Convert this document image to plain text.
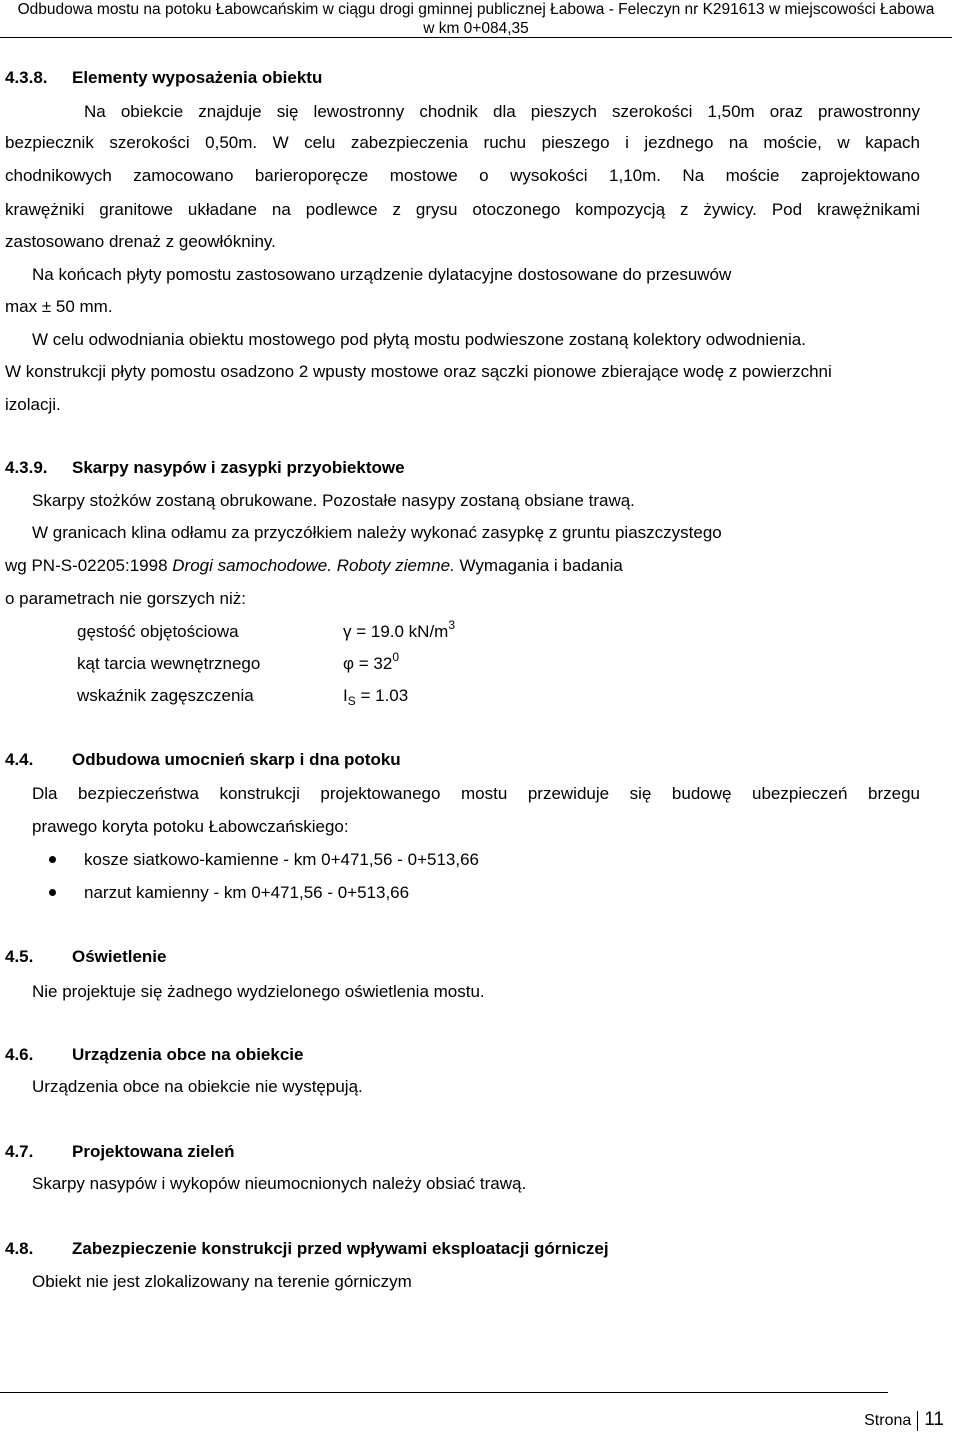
Odbudowa mostu na potoku Łabowcańskim w ciągu drogi gminnej publicznej Łabowa - Feleczyn nr K291613 w miejscowości Łabowa
w km 0+084,35
4.3.8. Elementy wyposażenia obiektu
Na obiekcie znajduje się lewostronny chodnik dla pieszych szerokości 1,50m oraz prawostronny
bezpiecznik szerokości 0,50m. W celu zabezpieczenia ruchu pieszego i jezdnego na moście, w kapach
chodnikowych zamocowano barieroporęcze mostowe o wysokości 1,10m. Na moście zaprojektowano
krawężniki granitowe układane na podlewce z grysu otoczonego kompozycją z żywicy. Pod krawężnikami
zastosowano drenaż z geowłókniny.
Na końcach płyty pomostu zastosowano urządzenie dylatacyjne dostosowane do przesuwów
max ± 50 mm.
W celu odwodniania obiektu mostowego pod płytą mostu podwieszone zostaną kolektory odwodnienia.
W konstrukcji płyty pomostu osadzono 2 wpusty mostowe oraz sączki pionowe zbierające wodę z powierzchni
izolacji.
4.3.9. Skarpy nasypów i zasypki przyobiektowe
Skarpy stożków zostaną obrukowane. Pozostałe nasypy zostaną obsiane trawą.
W granicach klina odłamu za przyczółkiem należy wykonać zasypkę z gruntu piaszczystego
wg PN-S-02205:1998 Drogi samochodowe. Roboty ziemne. Wymagania i badania
o parametrach nie gorszych niż:
gęstość objętościowa	γ = 19.0 $kN/m^3$
kąt tarcia wewnętrznego	$\varphi = 32^0$
wskaźnik zagęszczenia	$I_S = 1.03$
4.4. Odbudowa umocnień skarp i dna potoku
Dla bezpieczeństwa konstrukcji projektowanego mostu przewiduje się budowę ubezpieczeń brzegu
prawego koryta potoku Łabowczańskiego:
kosze siatkowo-kamienne - km 0+471,56 - 0+513,66
narzut kamienny - km 0+471,56 - 0+513,66
4.5. Oświetlenie
Nie projektuje się żadnego wydzielonego oświetlenia mostu.
4.6. Urządzenia obce na obiekcie
Urządzenia obce na obiekcie nie występują.
4.7. Projektowana zieleń
Skarpy nasypów i wykopów nieumocnionych należy obsiać trawą.
4.8. Zabezpieczenie konstrukcji przed wpływami eksploatacji górniczej
Obiekt nie jest zlokalizowany na terenie górniczym
Strona 11
